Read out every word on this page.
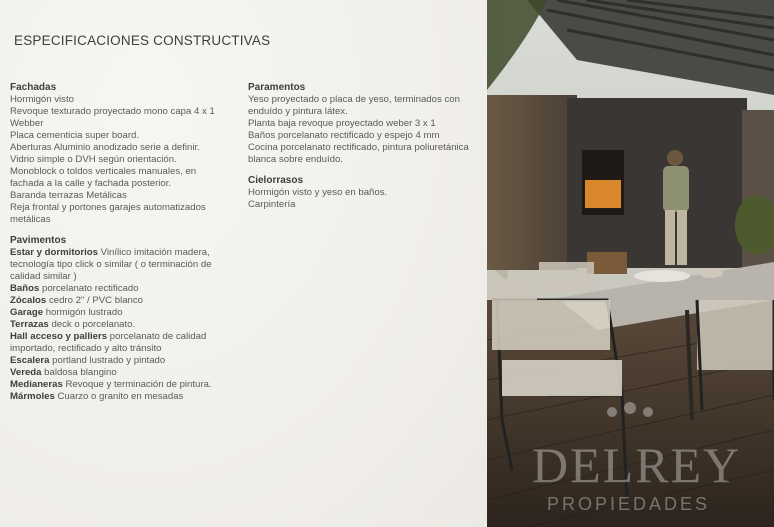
ESPECIFICACIONES CONSTRUCTIVAS
Fachadas
Hormigón visto
Revoque texturado proyectado mono capa 4 x 1 Webber
Placa cementicia super board.
Aberturas Aluminio anodizado serie a definir. Vidrio simple o DVH según orientación.
Monoblock o toldos verticales manuales, en fachada a la calle y fachada posterior.
Baranda terrazas Metálicas
Reja frontal y portones garajes automatizados metálicas
Pavimentos
Estar y dormitorios Vinílico imitación madera, tecnología tipo click o similar ( o terminación de calidad similar )
Baños porcelanato rectificado
Zócalos cedro 2" / PVC blanco
Garage hormigón lustrado
Terrazas deck o porcelanato.
Hall acceso y palliers porcelanato de calidad importado, rectificado y alto tránsito
Escalera portland lustrado y pintado
Vereda baldosa blangino
Medianeras Revoque y terminación de pintura.
Mármoles Cuarzo o granito en mesadas
Paramentos
Yeso proyectado o placa de yeso, terminados con enduído y pintura látex.
Planta baja revoque proyectado weber 3 x 1
Baños porcelanato rectificado y espejo 4 mm
Cocina porcelanato rectificado, pintura poliuretánica blanca sobre enduído.
Cielorrasos
Hormigón visto y yeso en baños.
Carpintería
DELREY
PROPIEDADES
